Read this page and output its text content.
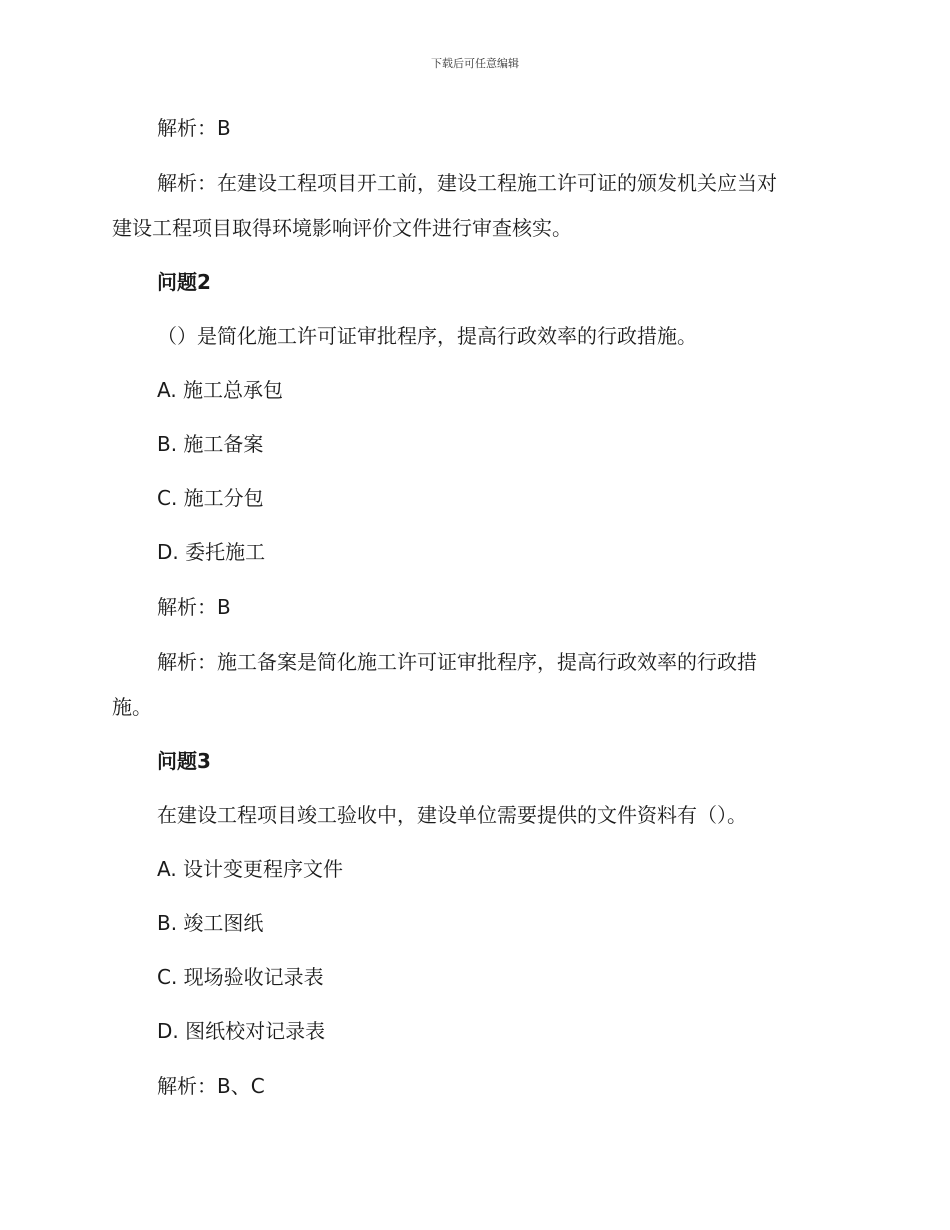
下载后可任意编辑
解析：B
解析：在建设工程项目开工前，建设工程施工许可证的颁发机关应当对
建设工程项目取得环境影响评价文件进行审查核实。
问题2
（）是简化施工许可证审批程序，提高行政效率的行政措施。
A. 施工总承包
B. 施工备案
C. 施工分包
D. 委托施工
解析：B
解析：施工备案是简化施工许可证审批程序，提高行政效率的行政措
施。
问题3
在建设工程项目竣工验收中，建设单位需要提供的文件资料有（）。
A. 设计变更程序文件
B. 竣工图纸
C. 现场验收记录表
D. 图纸校对记录表
解析：B、C
